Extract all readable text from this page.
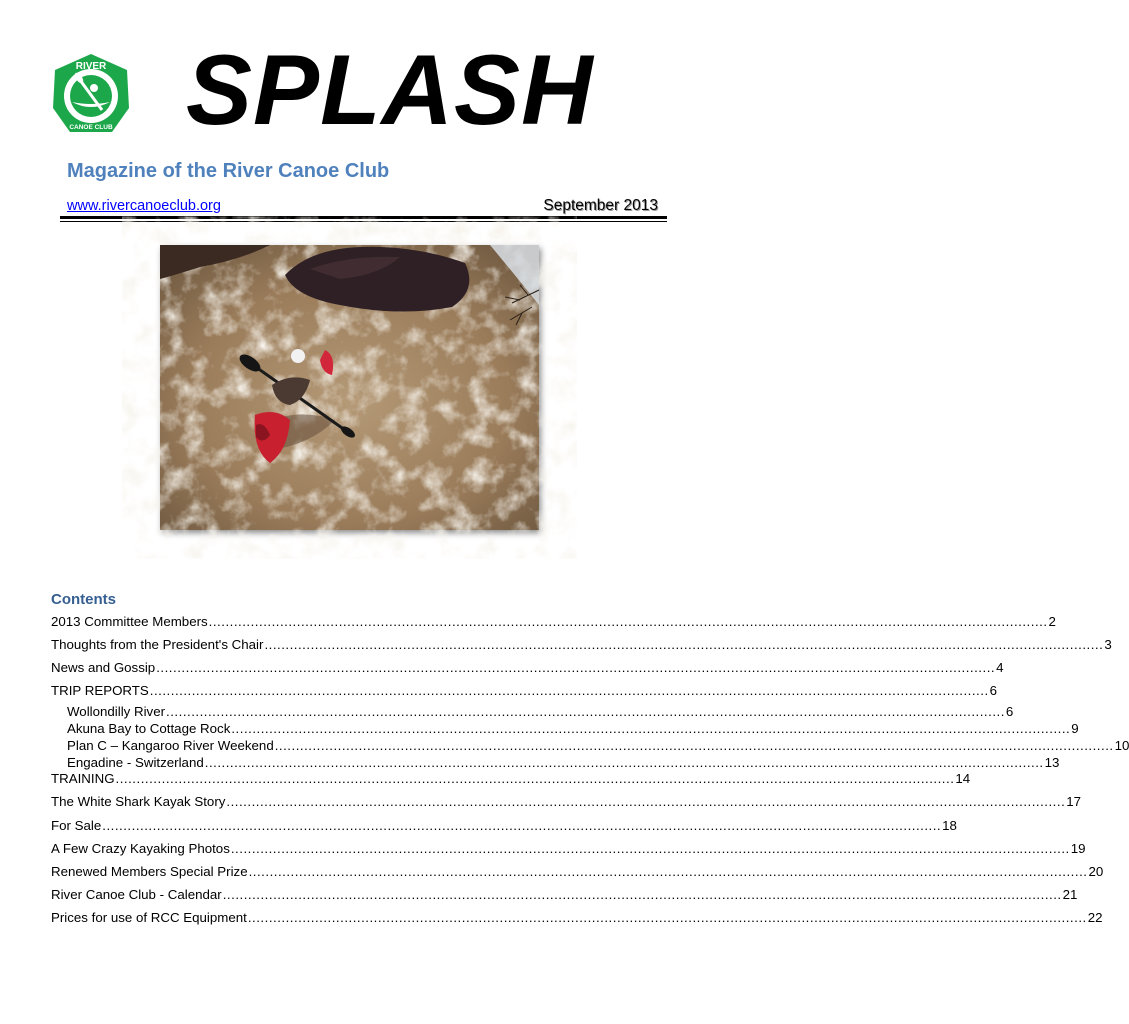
RIVER
CANOE CLUB SPLASH
Magazine of the River Canoe Club
www.rivercanoeclub.org	September 2013
Contents
2013 Committee Members ........................................................................................................................................................................................................ 2
Thoughts from the President's Chair ........................................................................................................................................................................................................ 3
News and Gossip ........................................................................................................................................................................................................ 4
TRIP REPORTS ........................................................................................................................................................................................................ 6
Wollondilly River ........................................................................................................................................................................................................ 6
Akuna Bay to Cottage Rock ........................................................................................................................................................................................................ 9
Plan C – Kangaroo River Weekend ........................................................................................................................................................................................................ 10
Engadine - Switzerland ........................................................................................................................................................................................................ 13
TRAINING ........................................................................................................................................................................................................ 14
The White Shark Kayak Story ........................................................................................................................................................................................................ 17
For Sale ........................................................................................................................................................................................................ 18
A Few Crazy Kayaking Photos ........................................................................................................................................................................................................ 19
Renewed Members Special Prize ........................................................................................................................................................................................................ 20
River Canoe Club - Calendar ........................................................................................................................................................................................................ 21
Prices for use of RCC Equipment ........................................................................................................................................................................................................ 22
